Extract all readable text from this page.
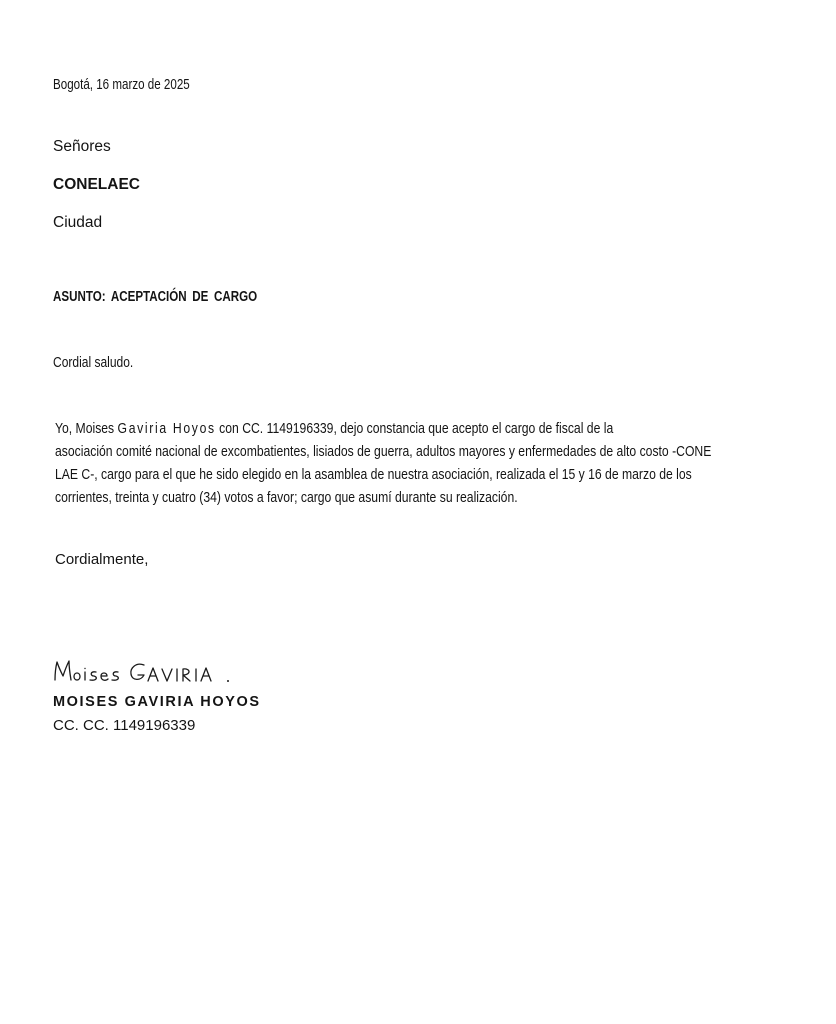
Bogotá, 16 marzo de 2025
Señores
CONELAEC
Ciudad
ASUNTO: ACEPTACIÓN DE CARGO
Cordial saludo.
Yo, Moises Gaviria Hoyos con CC. 1149196339, dejo constancia que acepto el cargo de fiscal de la
asociación comité nacional de excombatientes, lisiados de guerra, adultos mayores y enfermedades de alto costo -CONE
LAE C-, cargo para el que he sido elegido en la asamblea de nuestra asociación, realizada el 15 y 16 de marzo de los
corrientes, treinta y cuatro (34) votos a favor; cargo que asumí durante su realización.
Cordialmente,
MOISES GAVIRIA HOYOS
CC. CC. 1149196339
